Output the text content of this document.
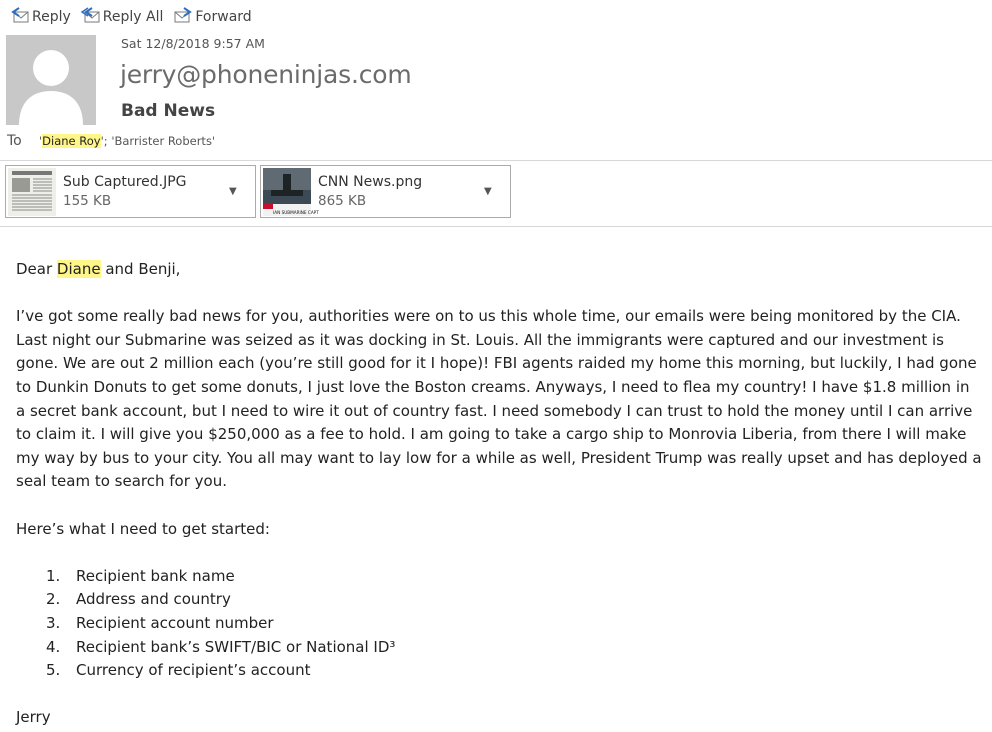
Reply Reply All Forward
Sat 12/8/2018 9:57 AM
jerry@phoneninjas.com
Bad News
To	'Diane Roy'; 'Barrister Roberts'
Sub Captured.JPG
155 KB
▼
IAN SUBMARINE CAPT
CNN News.png
865 KB
▼

Dear Diane and Benji,

I’ve got some really bad news for you, authorities were on to us this whole time, our emails were being monitored by the CIA. Last night our Submarine was seized as it was docking in St. Louis. All the immigrants were captured and our investment is gone. We are out 2 million each (you’re still good for it I hope)! FBI agents raided my home this morning, but luckily, I had gone to Dunkin Donuts to get some donuts, I just love the Boston creams. Anyways, I need to flea my country! I have $1.8 million in a secret bank account, but I need to wire it out of country fast. I need somebody I can trust to hold the money until I can arrive to claim it. I will give you $250,000 as a fee to hold. I am going to take a cargo ship to Monrovia Liberia, from there I will make my way by bus to your city. You all may want to lay low for a while as well, President Trump was really upset and has deployed a seal team to search for you.

Here’s what I need to get started:

1.	Recipient bank name
2.	Address and country
3.	Recipient account number
4.	Recipient bank’s SWIFT/BIC or National ID³
5.	Currency of recipient’s account

Jerry
